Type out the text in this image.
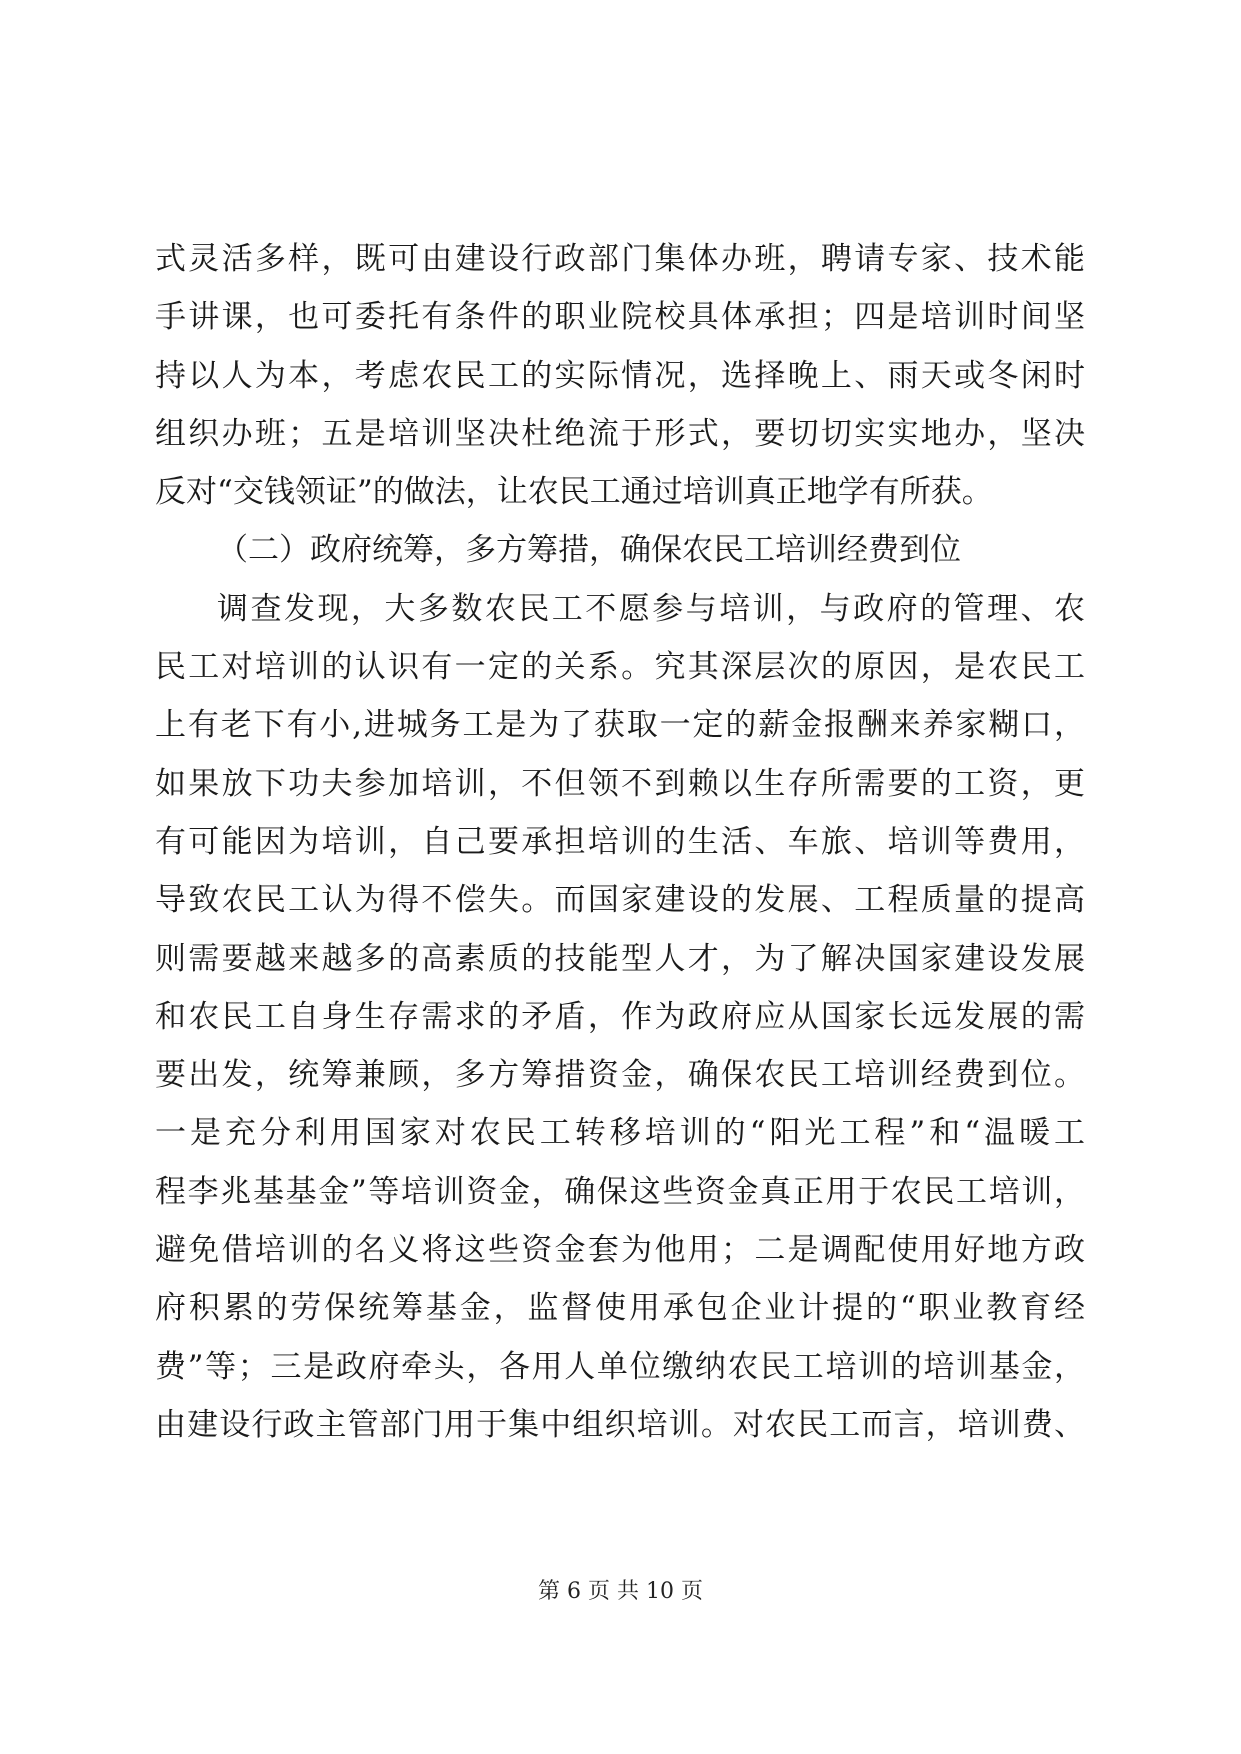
式灵活多样，既可由建设行政部门集体办班，聘请专家、技术能
手讲课，也可委托有条件的职业院校具体承担；四是培训时间坚
持以人为本，考虑农民工的实际情况，选择晚上、雨天或冬闲时
组织办班；五是培训坚决杜绝流于形式，要切切实实地办，坚决
反对“交钱领证”的做法，让农民工通过培训真正地学有所获。
（二）政府统筹，多方筹措，确保农民工培训经费到位
调查发现，大多数农民工不愿参与培训，与政府的管理、农
民工对培训的认识有一定的关系。究其深层次的原因，是农民工
上有老下有小,进城务工是为了获取一定的薪金报酬来养家糊口，
如果放下功夫参加培训，不但领不到赖以生存所需要的工资，更
有可能因为培训，自己要承担培训的生活、车旅、培训等费用，
导致农民工认为得不偿失。而国家建设的发展、工程质量的提高
则需要越来越多的高素质的技能型人才，为了解决国家建设发展
和农民工自身生存需求的矛盾，作为政府应从国家长远发展的需
要出发，统筹兼顾，多方筹措资金，确保农民工培训经费到位。
一是充分利用国家对农民工转移培训的“阳光工程”和“温暖工
程李兆基基金”等培训资金，确保这些资金真正用于农民工培训，
避免借培训的名义将这些资金套为他用；二是调配使用好地方政
府积累的劳保统筹基金，监督使用承包企业计提的“职业教育经
费”等；三是政府牵头，各用人单位缴纳农民工培训的培训基金，
由建设行政主管部门用于集中组织培训。对农民工而言，培训费、
第 6 页 共 10 页
